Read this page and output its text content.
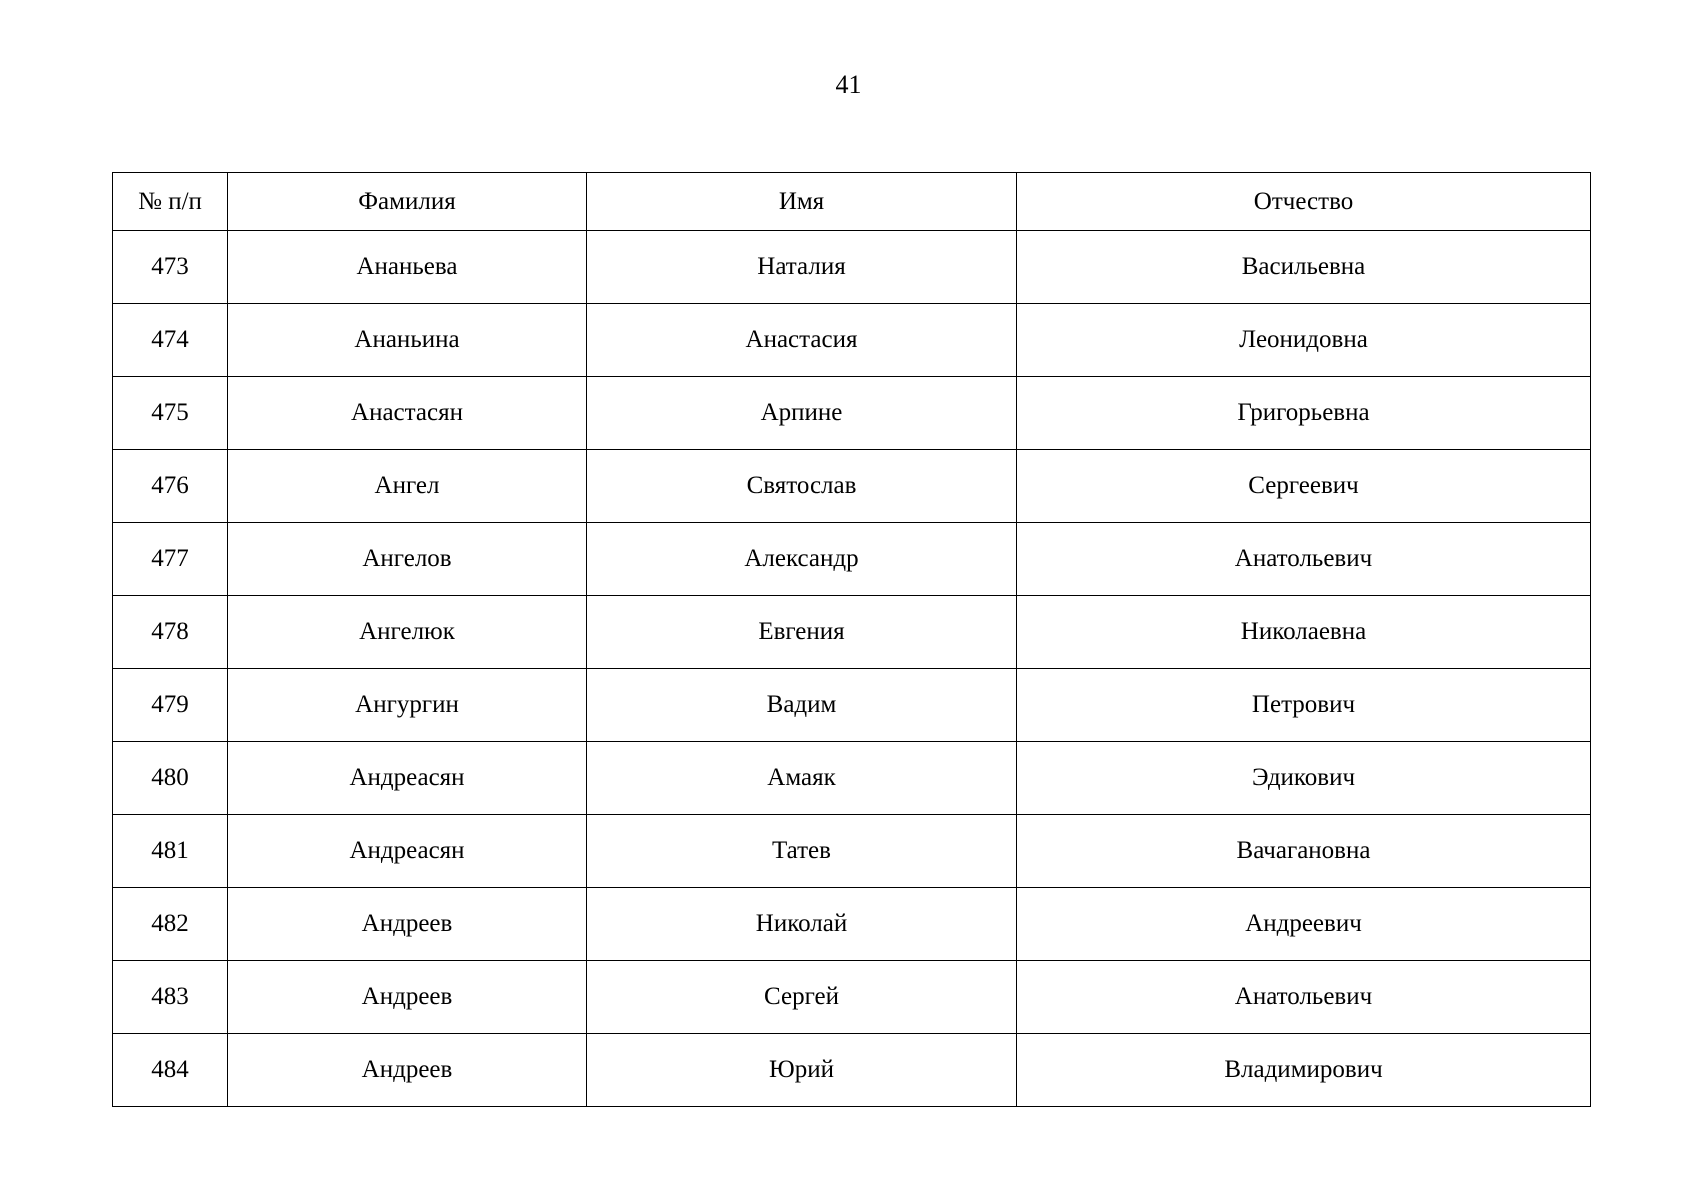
41
№ п/п	Фамилия	Имя	Отчество
473	Ананьева	Наталия	Васильевна
474	Ананьина	Анастасия	Леонидовна
475	Анастасян	Арпине	Григорьевна
476	Ангел	Святослав	Сергеевич
477	Ангелов	Александр	Анатольевич
478	Ангелюк	Евгения	Николаевна
479	Ангургин	Вадим	Петрович
480	Андреасян	Амаяк	Эдикович
481	Андреасян	Татев	Вачагановна
482	Андреев	Николай	Андреевич
483	Андреев	Сергей	Анатольевич
484	Андреев	Юрий	Владимирович
